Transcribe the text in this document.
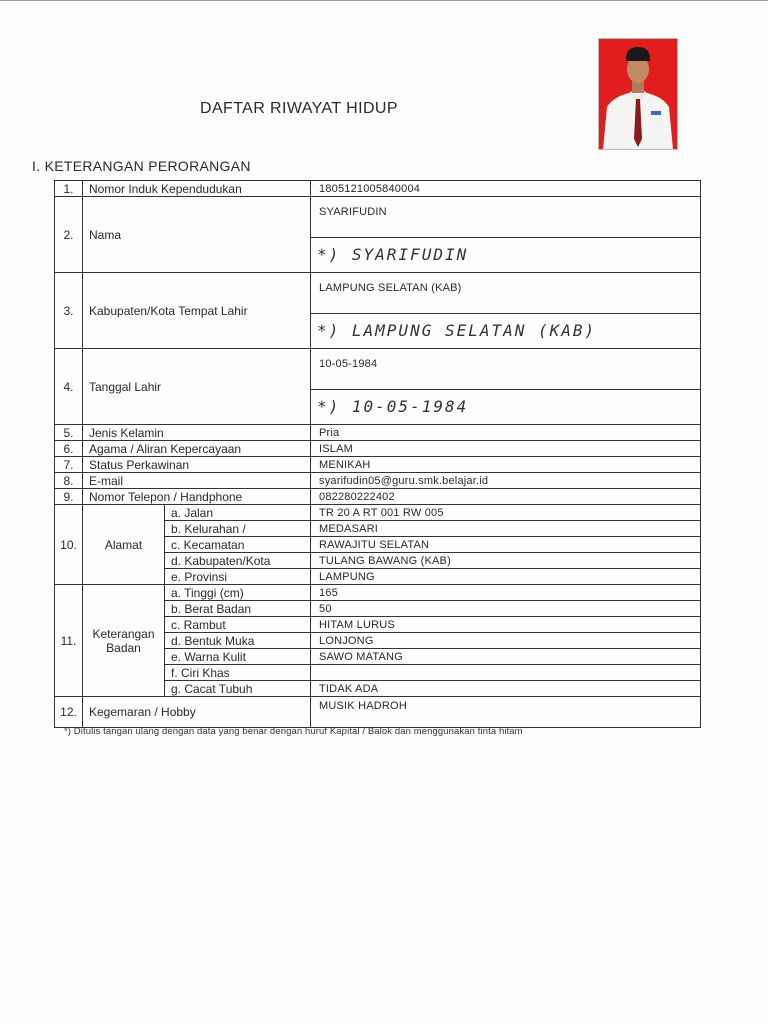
DAFTAR RIWAYAT HIDUP
I. KETERANGAN PERORANGAN
1.	Nomor Induk Kependudukan		1805121005840004
2.	Nama		SYARIFUDIN
			*) SYARIFUDIN
3.	Kabupaten/Kota Tempat Lahir		LAMPUNG SELATAN (KAB)
			*) LAMPUNG SELATAN (KAB)
4.	Tanggal Lahir		10-05-1984
			*) 10-05-1984
5.	Jenis Kelamin		Pria
6.	Agama / Aliran Kepercayaan		ISLAM
7.	Status Perkawinan		MENIKAH
8.	E-mail		syarifudin05@guru.smk.belajar.id
9.	Nomor Telepon / Handphone		082280222402
10.	Alamat	a. Jalan	TR 20 A RT 001 RW 005
		b. Kelurahan /	MEDASARI
		c. Kecamatan	RAWAJITU SELATAN
		d. Kabupaten/Kota	TULANG BAWANG (KAB)
		e. Provinsi	LAMPUNG
11.	Keterangan Badan	a. Tinggi (cm)	165
		b. Berat Badan	50
		c. Rambut	HITAM LURUS
		d. Bentuk Muka	LONJONG
		e. Warna Kulit	SAWO MATANG
		f. Ciri Khas	
		g. Cacat Tubuh	TIDAK ADA
12.	Kegemaran / Hobby		MUSIK HADROH
*) Ditulis tangan ulang dengan data yang benar dengan huruf Kapital / Balok dan menggunakan tinta hitam
